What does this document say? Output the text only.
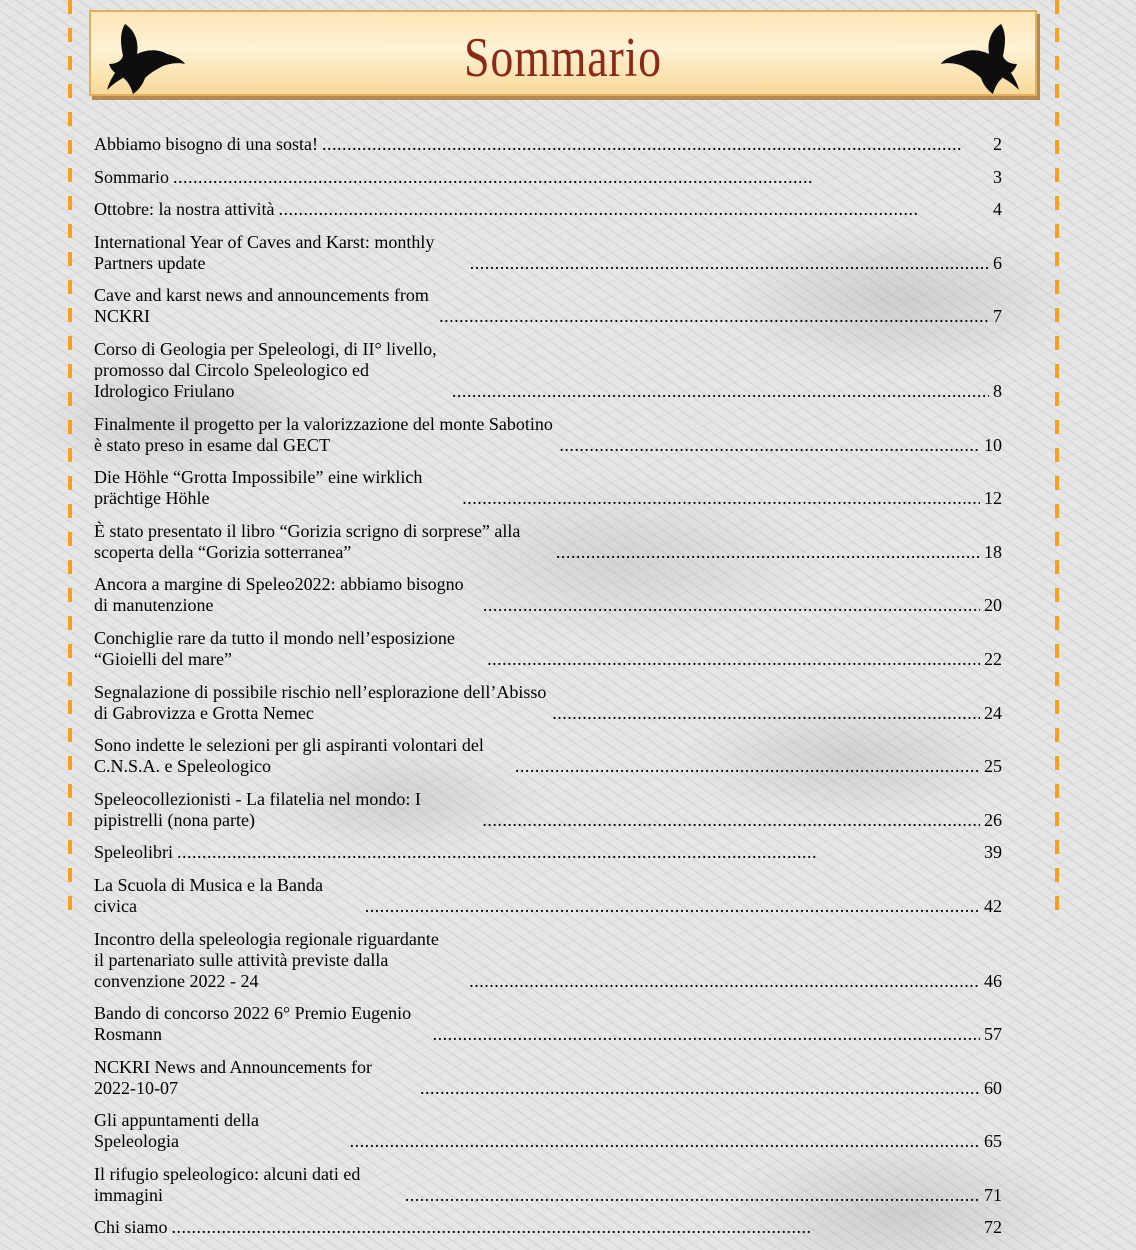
Sommario
Abbiamo bisogno di una sosta! . . .	2
Sommario . . .	3
Ottobre: la nostra attività . . .	4
International Year of Caves and Karst: monthly Partners update . . .	6
Cave and karst news and announcements from NCKRI . . .	7
Corso di Geologia per Speleologi, di II° livello,
promosso dal Circolo Speleologico ed Idrologico Friulano . . .	8
Finalmente il progetto per la valorizzazione del monte Sabotino è stato preso in esame dal GECT . . .	10
Die Höhle “Grotta Impossibile” eine wirklich prächtige Höhle . . .	12
È stato presentato il libro “Gorizia scrigno di sorprese” alla scoperta della “Gorizia sotterranea” . . .	18
Ancora a margine di Speleo2022: abbiamo bisogno di manutenzione . . .	20
Conchiglie rare da tutto il mondo nell’esposizione “Gioielli del mare” . . .	22
Segnalazione di possibile rischio nell’esplorazione dell’Abisso di Gabrovizza e Grotta Nemec . . .	24
Sono indette le selezioni per gli aspiranti volontari del C.N.S.A. e Speleologico . . .	25
Speleocollezionisti - La filatelia nel mondo: I pipistrelli (nona parte) . . .	26
Speleolibri . . .	39
La Scuola di Musica e la Banda civica . . .	42
Incontro della speleologia regionale riguardante
il partenariato sulle attività previste dalla convenzione 2022 - 24 . . .	46
Bando di concorso 2022 6° Premio Eugenio Rosmann . . .	57
NCKRI News and Announcements for 2022-10-07 . . .	60
Gli appuntamenti della Speleologia . . .	65
Il rifugio speleologico: alcuni dati ed immagini . . .	71
Chi siamo . . .	72
